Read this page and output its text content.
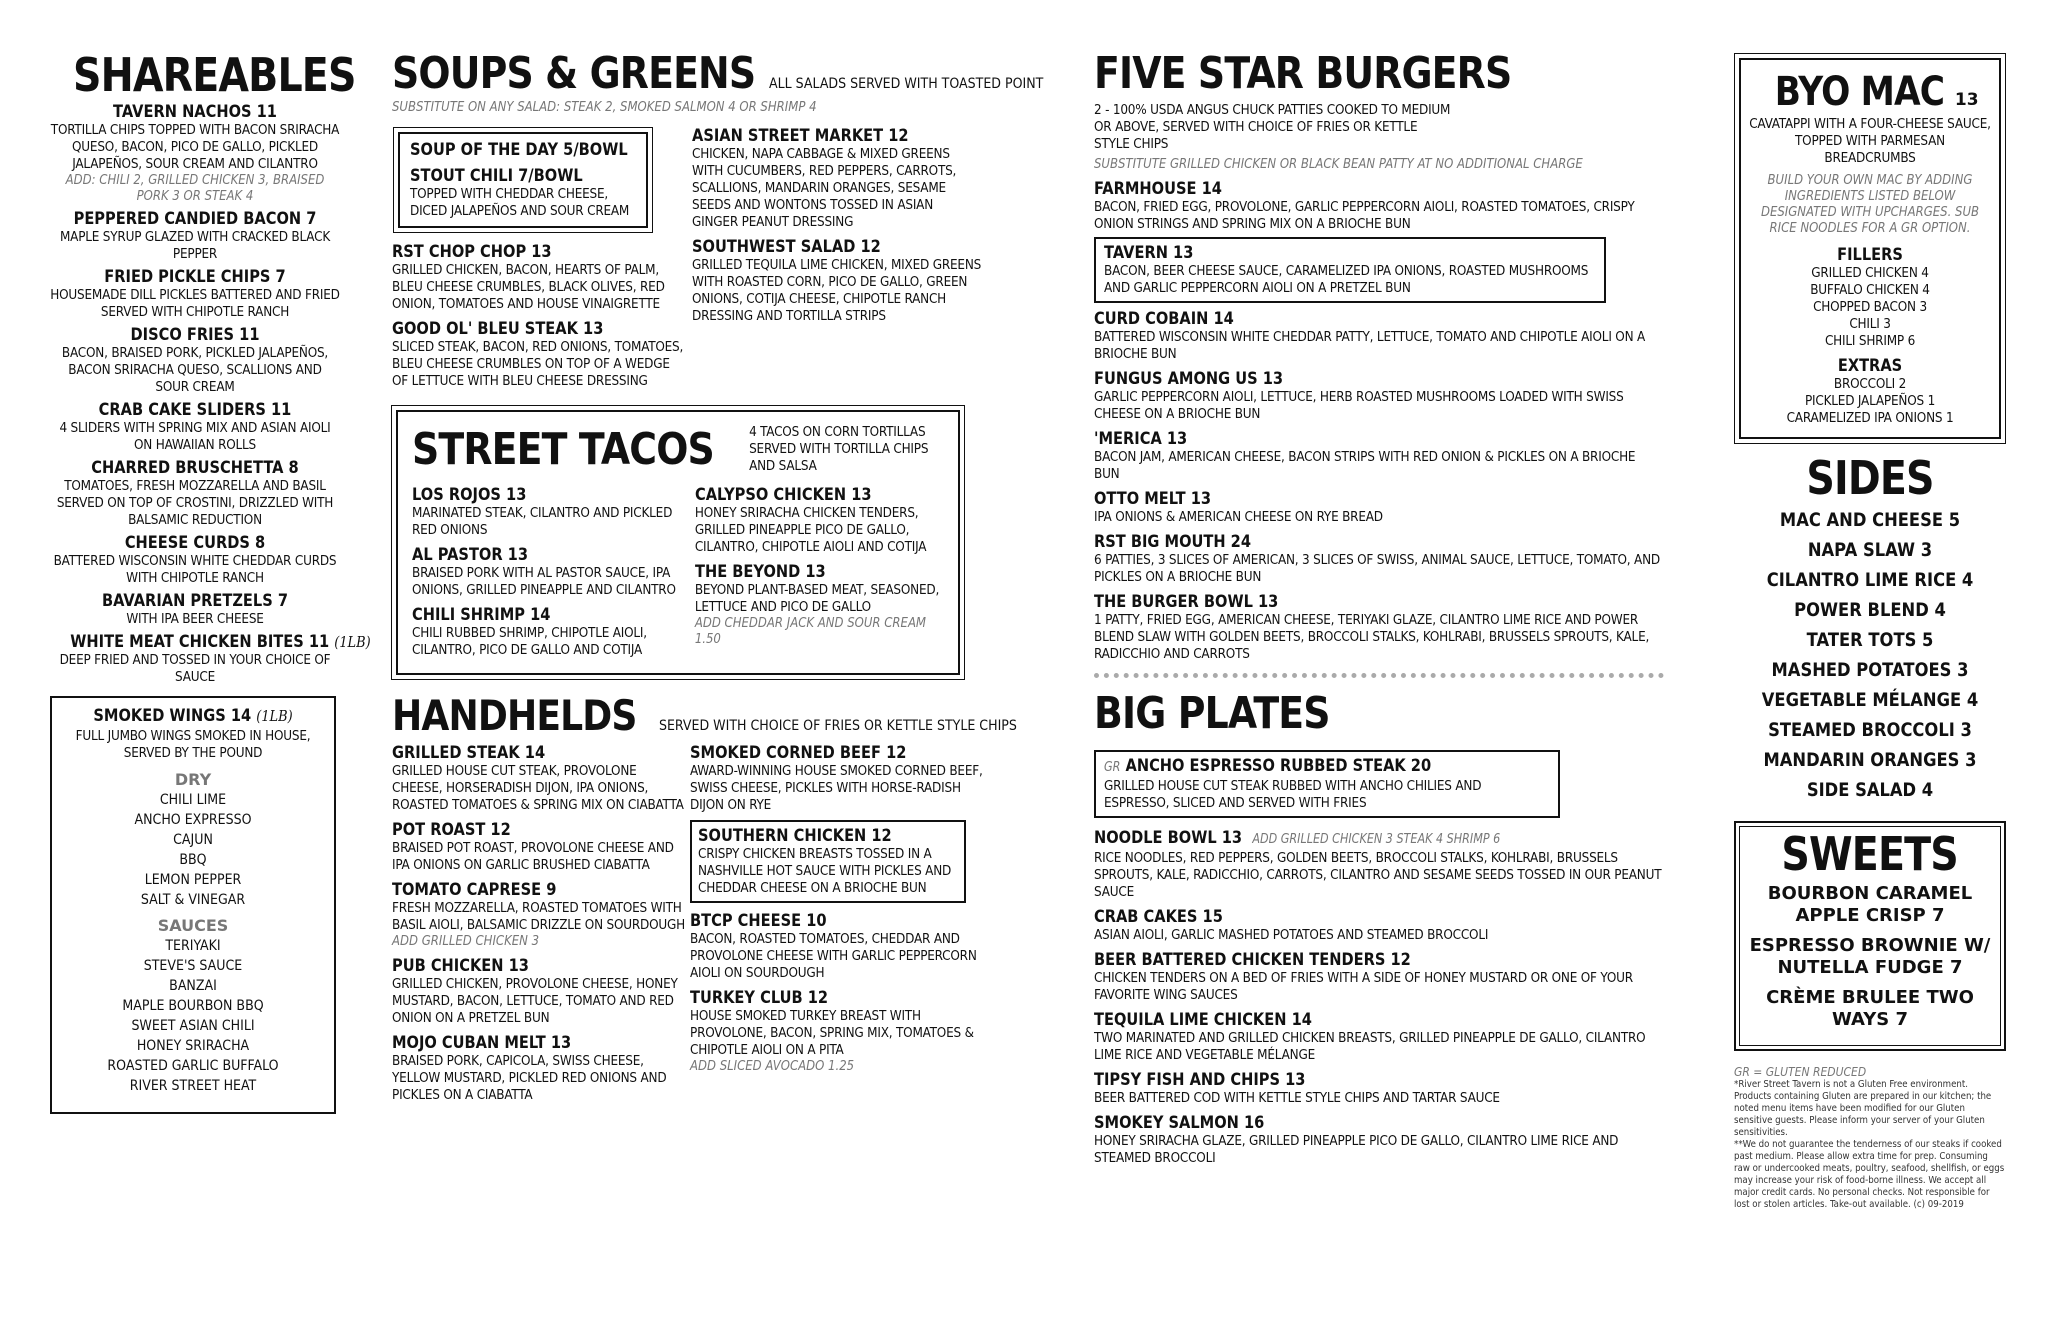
SHAREABLES
TAVERN NACHOS 11
TORTILLA CHIPS TOPPED WITH BACON SRIRACHA QUESO, BACON, PICO DE GALLO, PICKLED JALAPEÑOS, SOUR CREAM AND CILANTRO
ADD: CHILI 2, GRILLED CHICKEN 3, BRAISED PORK 3 OR STEAK 4
PEPPERED CANDIED BACON 7
MAPLE SYRUP GLAZED WITH CRACKED BLACK PEPPER
FRIED PICKLE CHIPS 7
HOUSEMADE DILL PICKLES BATTERED AND FRIED SERVED WITH CHIPOTLE RANCH
DISCO FRIES 11
BACON, BRAISED PORK, PICKLED JALAPEÑOS, BACON SRIRACHA QUESO, SCALLIONS AND SOUR CREAM
CRAB CAKE SLIDERS 11
4 SLIDERS WITH SPRING MIX AND ASIAN AIOLI ON HAWAIIAN ROLLS
CHARRED BRUSCHETTA 8
TOMATOES, FRESH MOZZARELLA AND BASIL SERVED ON TOP OF CROSTINI, DRIZZLED WITH BALSAMIC REDUCTION
CHEESE CURDS 8
BATTERED WISCONSIN WHITE CHEDDAR CURDS WITH CHIPOTLE RANCH
BAVARIAN PRETZELS 7
WITH IPA BEER CHEESE
WHITE MEAT CHICKEN BITES 11 (1LB)
DEEP FRIED AND TOSSED IN YOUR CHOICE OF SAUCE
SMOKED WINGS 14 (1LB)
FULL JUMBO WINGS SMOKED IN HOUSE, SERVED BY THE POUND
DRY
CHILI LIME
ANCHO EXPRESSO
CAJUN
BBQ
LEMON PEPPER
SALT & VINEGAR
SAUCES
TERIYAKI
STEVE'S SAUCE
BANZAI
MAPLE BOURBON BBQ
SWEET ASIAN CHILI
HONEY SRIRACHA
ROASTED GARLIC BUFFALO
RIVER STREET HEAT
SOUPS & GREENS ALL SALADS SERVED WITH TOASTED POINT
SUBSTITUTE ON ANY SALAD: STEAK 2, SMOKED SALMON 4 OR SHRIMP 4
SOUP OF THE DAY 5/BOWL
STOUT CHILI 7/BOWL
TOPPED WITH CHEDDAR CHEESE, DICED JALAPEÑOS AND SOUR CREAM
RST CHOP CHOP 13
GRILLED CHICKEN, BACON, HEARTS OF PALM, BLEU CHEESE CRUMBLES, BLACK OLIVES, RED ONION, TOMATOES AND HOUSE VINAIGRETTE
GOOD OL' BLEU STEAK 13
SLICED STEAK, BACON, RED ONIONS, TOMATOES, BLEU CHEESE CRUMBLES ON TOP OF A WEDGE OF LETTUCE WITH BLEU CHEESE DRESSING
ASIAN STREET MARKET 12
CHICKEN, NAPA CABBAGE & MIXED GREENS WITH CUCUMBERS, RED PEPPERS, CARROTS, SCALLIONS, MANDARIN ORANGES, SESAME SEEDS AND WONTONS TOSSED IN ASIAN GINGER PEANUT DRESSING
SOUTHWEST SALAD 12
GRILLED TEQUILA LIME CHICKEN, MIXED GREENS WITH ROASTED CORN, PICO DE GALLO, GREEN ONIONS, COTIJA CHEESE, CHIPOTLE RANCH DRESSING AND TORTILLA STRIPS
STREET TACOS	4 TACOS ON CORN TORTILLAS SERVED WITH TORTILLA CHIPS AND SALSA
LOS ROJOS 13
MARINATED STEAK, CILANTRO AND PICKLED RED ONIONS
AL PASTOR 13
BRAISED PORK WITH AL PASTOR SAUCE, IPA ONIONS, GRILLED PINEAPPLE AND CILANTRO
CHILI SHRIMP 14
CHILI RUBBED SHRIMP, CHIPOTLE AIOLI, CILANTRO, PICO DE GALLO AND COTIJA
CALYPSO CHICKEN 13
HONEY SRIRACHA CHICKEN TENDERS, GRILLED PINEAPPLE PICO DE GALLO, CILANTRO, CHIPOTLE AIOLI AND COTIJA
THE BEYOND 13
BEYOND PLANT-BASED MEAT, SEASONED, LETTUCE AND PICO DE GALLO
ADD CHEDDAR JACK AND SOUR CREAM 1.50
HANDHELDS SERVED WITH CHOICE OF FRIES OR KETTLE STYLE CHIPS
GRILLED STEAK 14
GRILLED HOUSE CUT STEAK, PROVOLONE CHEESE, HORSERADISH DIJON, IPA ONIONS, ROASTED TOMATOES & SPRING MIX ON CIABATTA
POT ROAST 12
BRAISED POT ROAST, PROVOLONE CHEESE AND IPA ONIONS ON GARLIC BRUSHED CIABATTA
TOMATO CAPRESE 9
FRESH MOZZARELLA, ROASTED TOMATOES WITH BASIL AIOLI, BALSAMIC DRIZZLE ON SOURDOUGH
ADD GRILLED CHICKEN 3
PUB CHICKEN 13
GRILLED CHICKEN, PROVOLONE CHEESE, HONEY MUSTARD, BACON, LETTUCE, TOMATO AND RED ONION ON A PRETZEL BUN
MOJO CUBAN MELT 13
BRAISED PORK, CAPICOLA, SWISS CHEESE, YELLOW MUSTARD, PICKLED RED ONIONS AND PICKLES ON A CIABATTA
SMOKED CORNED BEEF 12
AWARD-WINNING HOUSE SMOKED CORNED BEEF, SWISS CHEESE, PICKLES WITH HORSE-RADISH DIJON ON RYE
SOUTHERN CHICKEN 12
CRISPY CHICKEN BREASTS TOSSED IN A NASHVILLE HOT SAUCE WITH PICKLES AND CHEDDAR CHEESE ON A BRIOCHE BUN
BTCP CHEESE 10
BACON, ROASTED TOMATOES, CHEDDAR AND PROVOLONE CHEESE WITH GARLIC PEPPERCORN AIOLI ON SOURDOUGH
TURKEY CLUB 12
HOUSE SMOKED TURKEY BREAST WITH PROVOLONE, BACON, SPRING MIX, TOMATOES & CHIPOTLE AIOLI ON A PITA
ADD SLICED AVOCADO 1.25
FIVE STAR BURGERS
2 - 100% USDA ANGUS CHUCK PATTIES COOKED TO MEDIUM OR ABOVE, SERVED WITH CHOICE OF FRIES OR KETTLE STYLE CHIPS
SUBSTITUTE GRILLED CHICKEN OR BLACK BEAN PATTY AT NO ADDITIONAL CHARGE
FARMHOUSE 14
BACON, FRIED EGG, PROVOLONE, GARLIC PEPPERCORN AIOLI, ROASTED TOMATOES, CRISPY ONION STRINGS AND SPRING MIX ON A BRIOCHE BUN
TAVERN 13
BACON, BEER CHEESE SAUCE, CARAMELIZED IPA ONIONS, ROASTED MUSHROOMS AND GARLIC PEPPERCORN AIOLI ON A PRETZEL BUN
CURD COBAIN 14
BATTERED WISCONSIN WHITE CHEDDAR PATTY, LETTUCE, TOMATO AND CHIPOTLE AIOLI ON A BRIOCHE BUN
FUNGUS AMONG US 13
GARLIC PEPPERCORN AIOLI, LETTUCE, HERB ROASTED MUSHROOMS LOADED WITH SWISS CHEESE ON A BRIOCHE BUN
'MERICA 13
BACON JAM, AMERICAN CHEESE, BACON STRIPS WITH RED ONION & PICKLES ON A BRIOCHE BUN
OTTO MELT 13
IPA ONIONS & AMERICAN CHEESE ON RYE BREAD
RST BIG MOUTH 24
6 PATTIES, 3 SLICES OF AMERICAN, 3 SLICES OF SWISS, ANIMAL SAUCE, LETTUCE, TOMATO, AND PICKLES ON A BRIOCHE BUN
THE BURGER BOWL 13
1 PATTY, FRIED EGG, AMERICAN CHEESE, TERIYAKI GLAZE, CILANTRO LIME RICE AND POWER BLEND SLAW WITH GOLDEN BEETS, BROCCOLI STALKS, KOHLRABI, BRUSSELS SPROUTS, KALE, RADICCHIO AND CARROTS
BIG PLATES
GR ANCHO ESPRESSO RUBBED STEAK 20
GRILLED HOUSE CUT STEAK RUBBED WITH ANCHO CHILIES AND ESPRESSO, SLICED AND SERVED WITH FRIES
NOODLE BOWL 13 ADD GRILLED CHICKEN 3 STEAK 4 SHRIMP 6
RICE NOODLES, RED PEPPERS, GOLDEN BEETS, BROCCOLI STALKS, KOHLRABI, BRUSSELS SPROUTS, KALE, RADICCHIO, CARROTS, CILANTRO AND SESAME SEEDS TOSSED IN OUR PEANUT SAUCE
CRAB CAKES 15
ASIAN AIOLI, GARLIC MASHED POTATOES AND STEAMED BROCCOLI
BEER BATTERED CHICKEN TENDERS 12
CHICKEN TENDERS ON A BED OF FRIES WITH A SIDE OF HONEY MUSTARD OR ONE OF YOUR FAVORITE WING SAUCES
TEQUILA LIME CHICKEN 14
TWO MARINATED AND GRILLED CHICKEN BREASTS, GRILLED PINEAPPLE DE GALLO, CILANTRO LIME RICE AND VEGETABLE MÉLANGE
TIPSY FISH AND CHIPS 13
BEER BATTERED COD WITH KETTLE STYLE CHIPS AND TARTAR SAUCE
SMOKEY SALMON 16
HONEY SRIRACHA GLAZE, GRILLED PINEAPPLE PICO DE GALLO, CILANTRO LIME RICE AND STEAMED BROCCOLI
BYO MAC 13
CAVATAPPI WITH A FOUR-CHEESE SAUCE, TOPPED WITH PARMESAN BREADCRUMBS
BUILD YOUR OWN MAC BY ADDING INGREDIENTS LISTED BELOW DESIGNATED WITH UPCHARGES. SUB RICE NOODLES FOR A GR OPTION.
FILLERS
GRILLED CHICKEN 4
BUFFALO CHICKEN 4
CHOPPED BACON 3
CHILI 3
CHILI SHRIMP 6
EXTRAS
BROCCOLI 2
PICKLED JALAPEÑOS 1
CARAMELIZED IPA ONIONS 1
SIDES
MAC AND CHEESE 5
NAPA SLAW 3
CILANTRO LIME RICE 4
POWER BLEND 4
TATER TOTS 5
MASHED POTATOES 3
VEGETABLE MÉLANGE 4
STEAMED BROCCOLI 3
MANDARIN ORANGES 3
SIDE SALAD 4
SWEETS
BOURBON CARAMEL APPLE CRISP 7
ESPRESSO BROWNIE W/ NUTELLA FUDGE 7
CRÈME BRULEE TWO WAYS 7
GR = GLUTEN REDUCED
*River Street Tavern is not a Gluten Free environment. Products containing Gluten are prepared in our kitchen; the noted menu items have been modified for our Gluten sensitive guests. Please inform your server of your Gluten sensitivities.
**We do not guarantee the tenderness of our steaks if cooked past medium. Please allow extra time for prep. Consuming raw or undercooked meats, poultry, seafood, shellfish, or eggs may increase your risk of food-borne illness. We accept all major credit cards. No personal checks. Not responsible for lost or stolen articles. Take-out available. (c) 09-2019
